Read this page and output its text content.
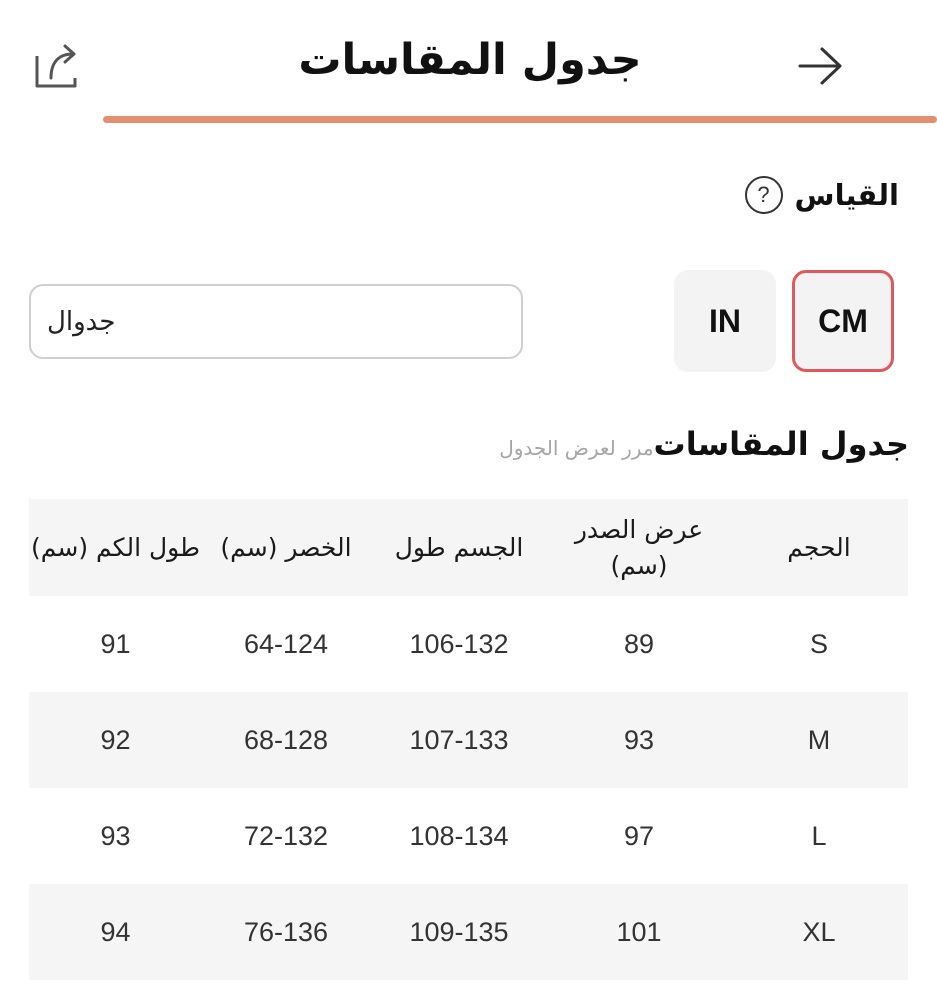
جدول المقاسات
القياس
?
CM
IN
جدوال
جدول المقاسات
مرر لعرض الجدول
الحجم	عرض الصدر (سم)	الجسم طول	الخصر (سم)	طول الكم (سم)
S	89	106-132	64-124	91
M	93	107-133	68-128	92
L	97	108-134	72-132	93
XL	101	109-135	76-136	94
